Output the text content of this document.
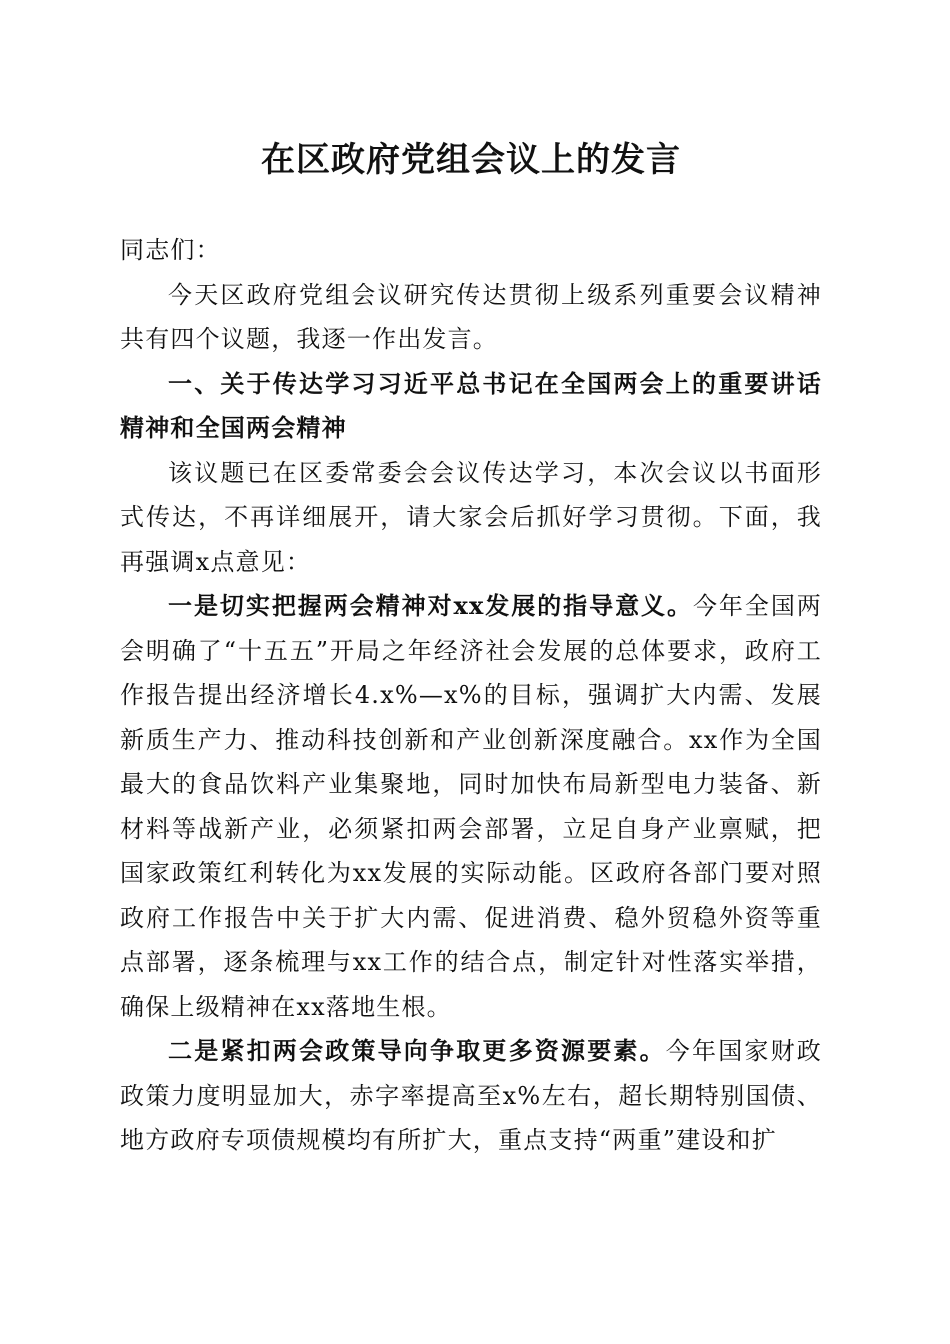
在区政府党组会议上的发言

同志们：

今天区政府党组会议研究传达贯彻上级系列重要会议精神共有四个议题，我逐一作出发言。

一、关于传达学习习近平总书记在全国两会上的重要讲话精神和全国两会精神

该议题已在区委常委会会议传达学习，本次会议以书面形式传达，不再详细展开，请大家会后抓好学习贯彻。下面，我再强调x点意见：

一是切实把握两会精神对xx发展的指导意义。今年全国两会明确了“十五五”开局之年经济社会发展的总体要求，政府工作报告提出经济增长4.x%—x%的目标，强调扩大内需、发展新质生产力、推动科技创新和产业创新深度融合。xx作为全国最大的食品饮料产业集聚地，同时加快布局新型电力装备、新材料等战新产业，必须紧扣两会部署，立足自身产业禀赋，把国家政策红利转化为xx发展的实际动能。区政府各部门要对照政府工作报告中关于扩大内需、促进消费、稳外贸稳外资等重点部署，逐条梳理与xx工作的结合点，制定针对性落实举措，确保上级精神在xx落地生根。

二是紧扣两会政策导向争取更多资源要素。今年国家财政政策力度明显加大，赤字率提高至x%左右，超长期特别国债、地方政府专项债规模均有所扩大，重点支持“两重”建设和扩
